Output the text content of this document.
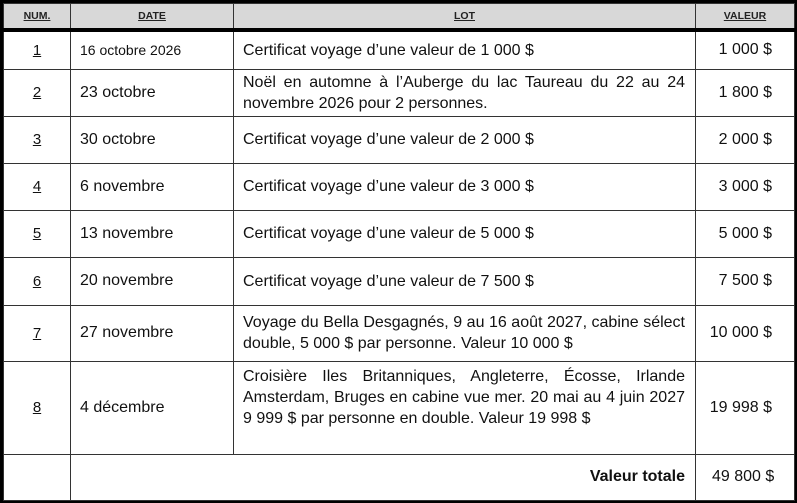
NUM.	DATE	LOT	VALEUR
1	16 octobre 2026	Certificat voyage d’une valeur de 1 000 $	1 000 $
2	23 octobre	Noël en automne à l’Auberge du lac Taureau du 22 au 24 novembre 2026 pour 2 personnes.	1 800 $
3	30 octobre	Certificat voyage d’une valeur de 2 000 $	2 000 $
4	6 novembre	Certificat voyage d’une valeur de 3 000 $	3 000 $
5	13 novembre	Certificat voyage d’une valeur de 5 000 $	5 000 $
6	20 novembre	Certificat voyage d’une valeur de 7 500 $	7 500 $
7	27 novembre	Voyage du Bella Desgagnés, 9 au 16 août 2027, cabine sélect double, 5 000 $ par personne. Valeur 10 000 $	10 000 $
8	4 décembre	Croisière Iles Britanniques, Angleterre, Écosse, Irlande Amsterdam, Bruges en cabine vue mer. 20 mai au 4 juin 2027 9 999 $ par personne en double. Valeur 19 998 $	19 998 $
	Valeur totale		49 800 $
